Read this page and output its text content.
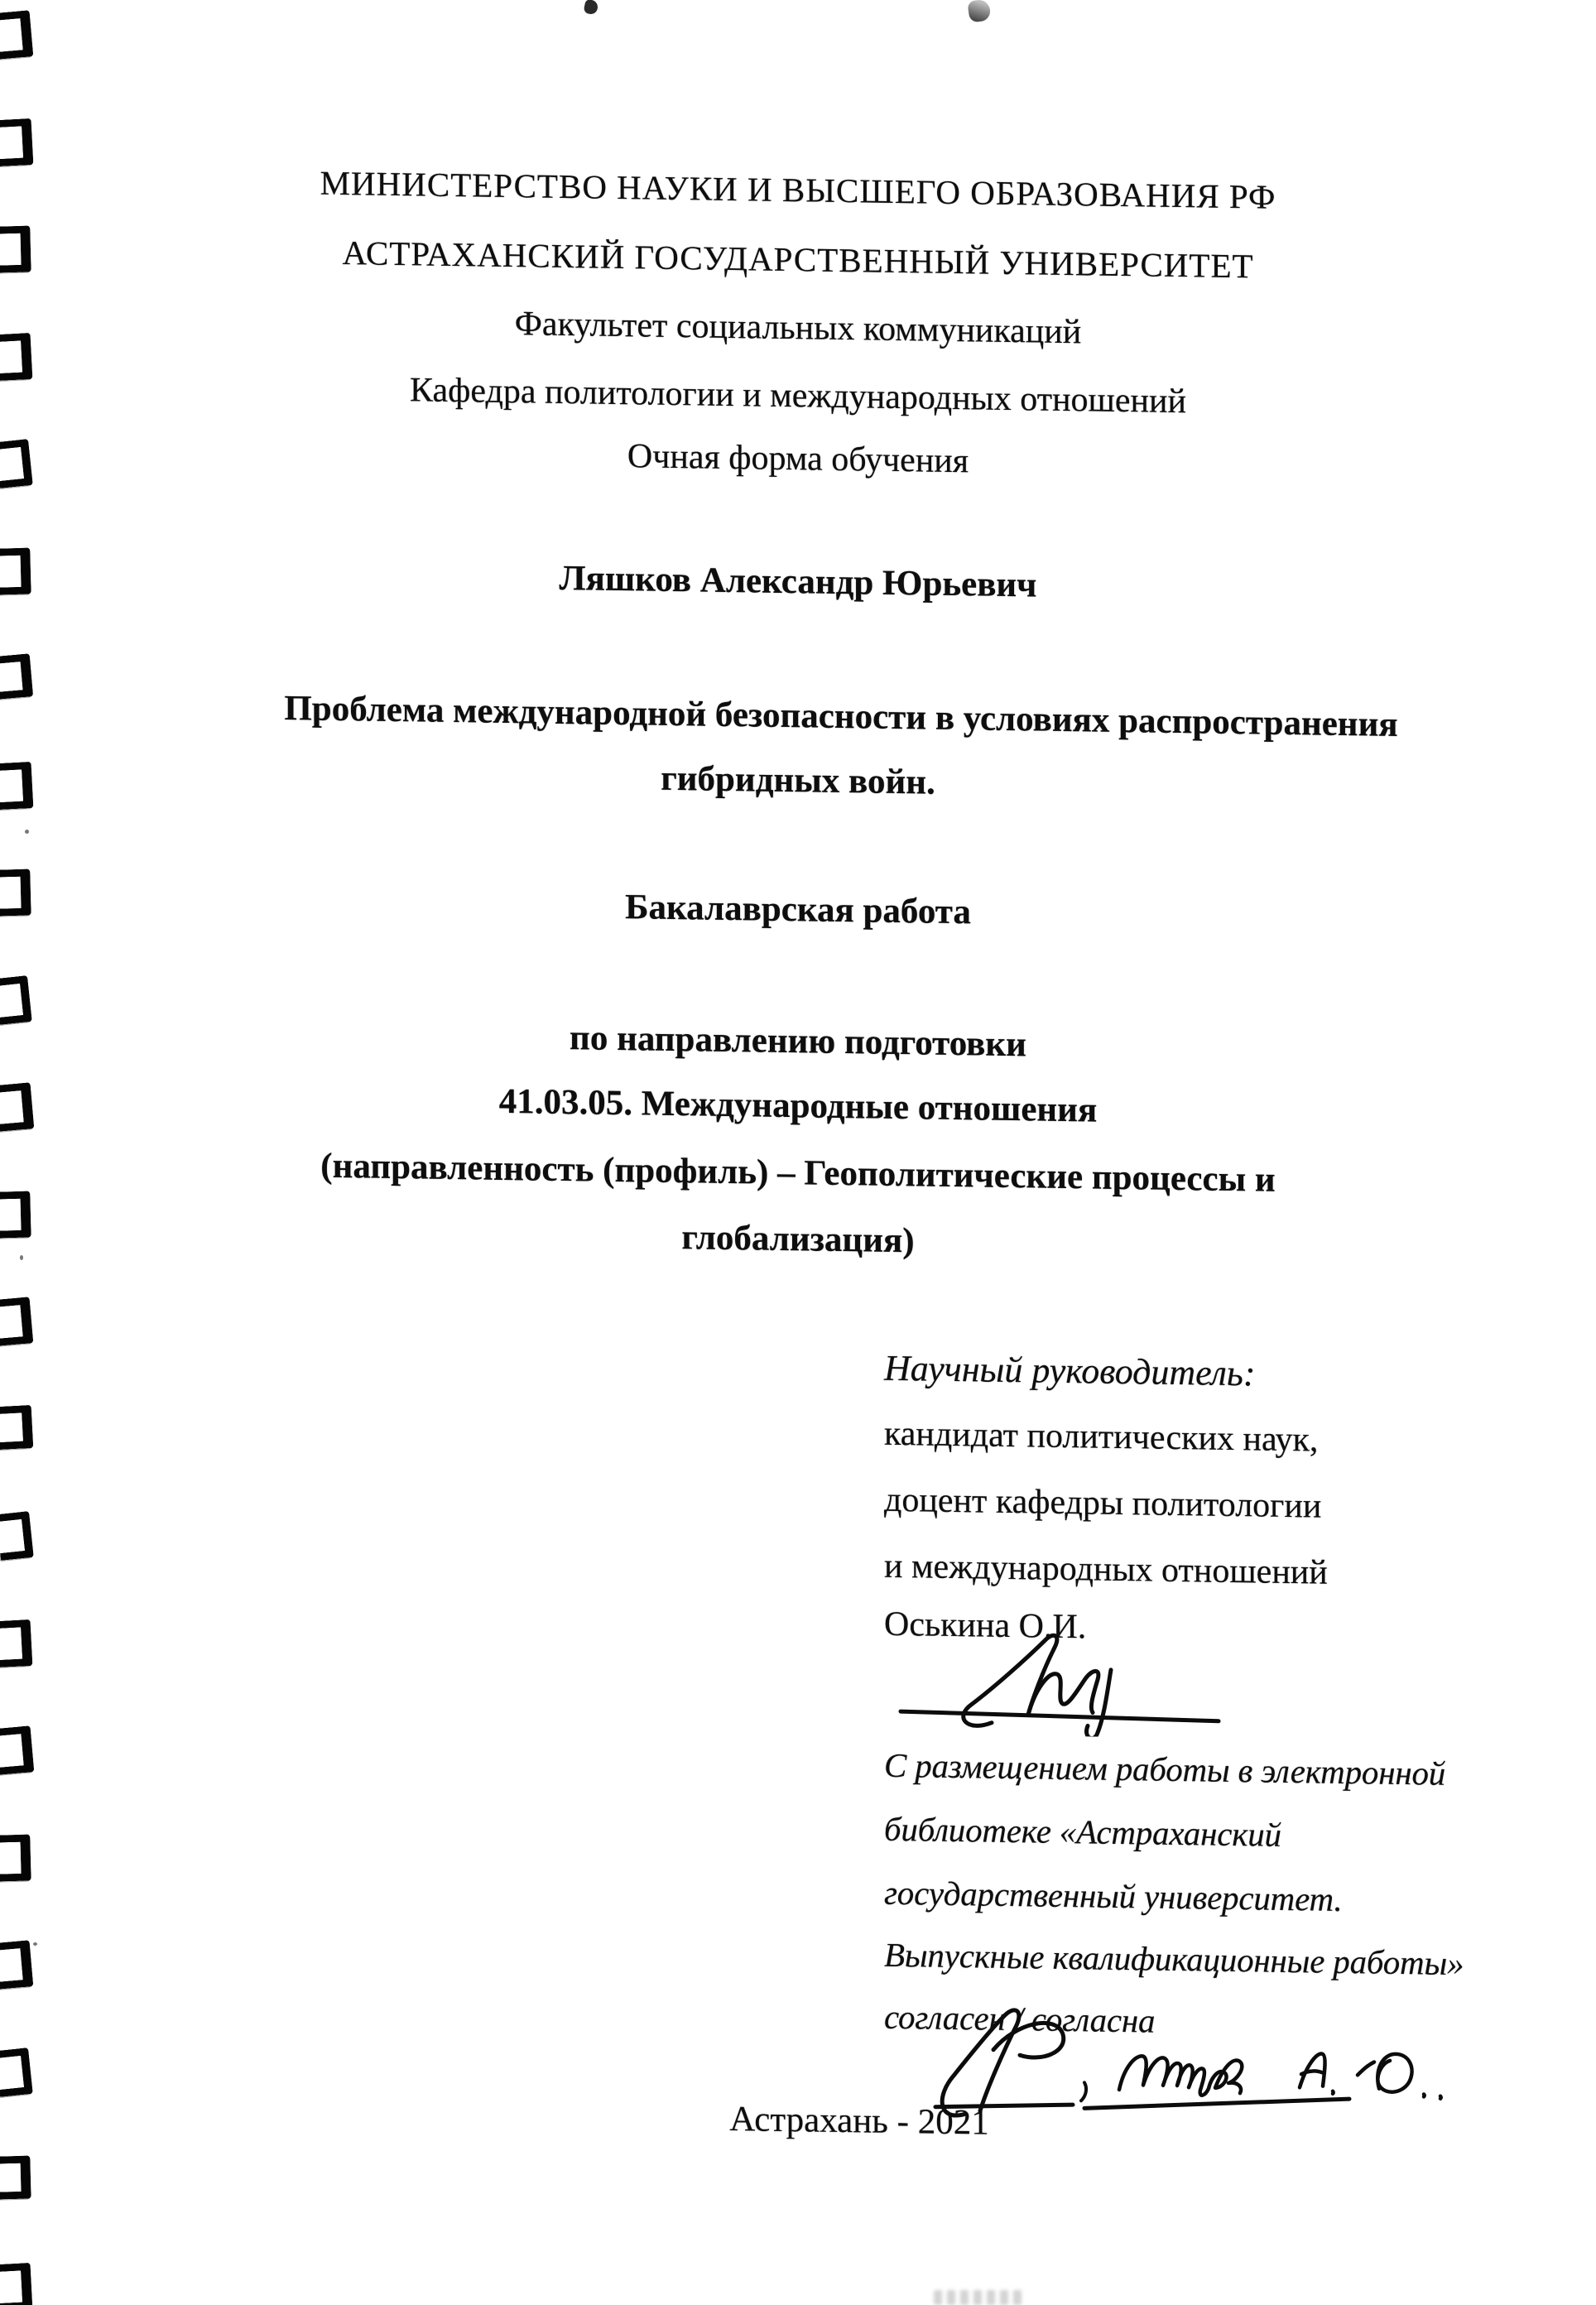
МИНИСТЕРСТВО НАУКИ И ВЫСШЕГО ОБРАЗОВАНИЯ РФ
АСТРАХАНСКИЙ ГОСУДАРСТВЕННЫЙ УНИВЕРСИТЕТ
Факультет социальных коммуникаций
Кафедра политологии и международных отношений
Очная форма обучения
Ляшков Александр Юрьевич
Проблема международной безопасности в условиях распространения
гибридных войн.
Бакалаврская работа
по направлению подготовки
41.03.05. Международные отношения
(направленность (профиль) – Геополитические процессы и
глобализация)
Научный руководитель:
кандидат политических наук,
доцент кафедры политологии
и международных отношений
Оськина О.И.
С размещением работы в электронной
библиотеке «Астраханский
государственный университет.
Выпускные квалификационные работы»
согласен / согласна
Астрахань - 2021
